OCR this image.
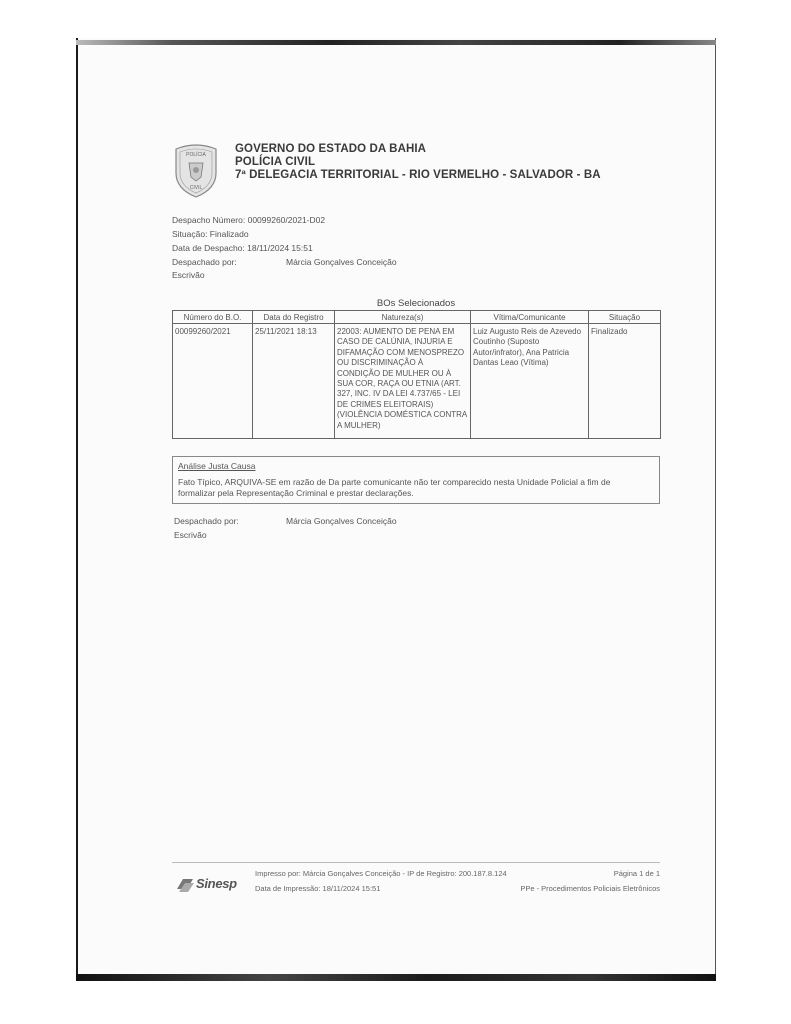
POLÍCIA
CIVIL
GOVERNO DO ESTADO DA BAHIA
POLÍCIA CIVIL
7ª DELEGACIA TERRITORIAL - RIO VERMELHO - SALVADOR - BA
Despacho Número: 00099260/2021-D02
Situação: Finalizado
Data de Despacho: 18/11/2024 15:51
Despachado por:	Márcia Gonçalves Conceição
Escrivão
BOs Selecionados
Número do B.O.	Data do Registro	Natureza(s)	Vítima/Comunicante	Situação
00099260/2021	25/11/2021 18:13	22003: AUMENTO DE PENA EM CASO DE CALÚNIA, INJURIA E DIFAMAÇÃO COM MENOSPREZO OU DISCRIMINAÇÃO À CONDIÇÃO DE MULHER OU À SUA COR, RAÇA OU ETNIA (ART. 327, INC. IV DA LEI 4.737/65 - LEI DE CRIMES ELEITORAIS) (VIOLÊNCIA DOMÉSTICA CONTRA A MULHER)	Luiz Augusto Reis de Azevedo Coutinho (Suposto Autor/infrator), Ana Patricia Dantas Leao (Vítima)	Finalizado
Análise Justa Causa
Fato Típico, ARQUIVA-SE em razão de Da parte comunicante não ter comparecido nesta Unidade Policial a fim de formalizar pela Representação Criminal e prestar declarações.
Despachado por:	Márcia Gonçalves Conceição
Escrivão
Sinesp
Impresso por: Márcia Gonçalves Conceição - IP de Registro: 200.187.8.124
Data de Impressão: 18/11/2024 15:51
Página 1 de 1
PPe - Procedimentos Policiais Eletrônicos
